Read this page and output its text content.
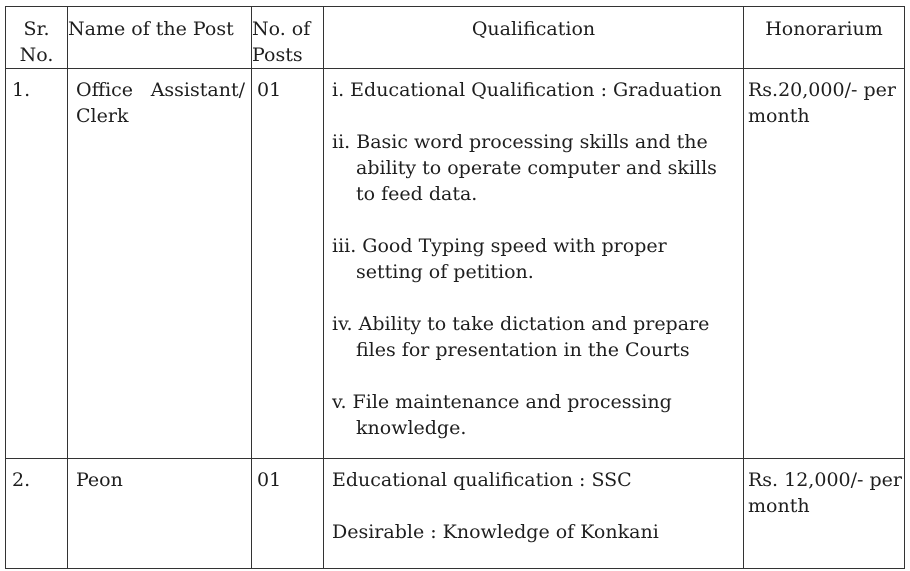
Sr. No.	Name of the Post	No. of Posts	Qualification	Honorarium
1.	Office Assistant/ Clerk	01	i. Educational Qualification : Graduation
ii. Basic word processing skills and the ability to operate computer and skills to feed data.
iii. Good Typing speed with proper setting of petition.
iv. Ability to take dictation and prepare files for presentation in the Courts
v. File maintenance and processing knowledge.	Rs.20,000/- per month
2.	Peon	01	Educational qualification : SSC
Desirable : Knowledge of Konkani	Rs. 12,000/- per month
